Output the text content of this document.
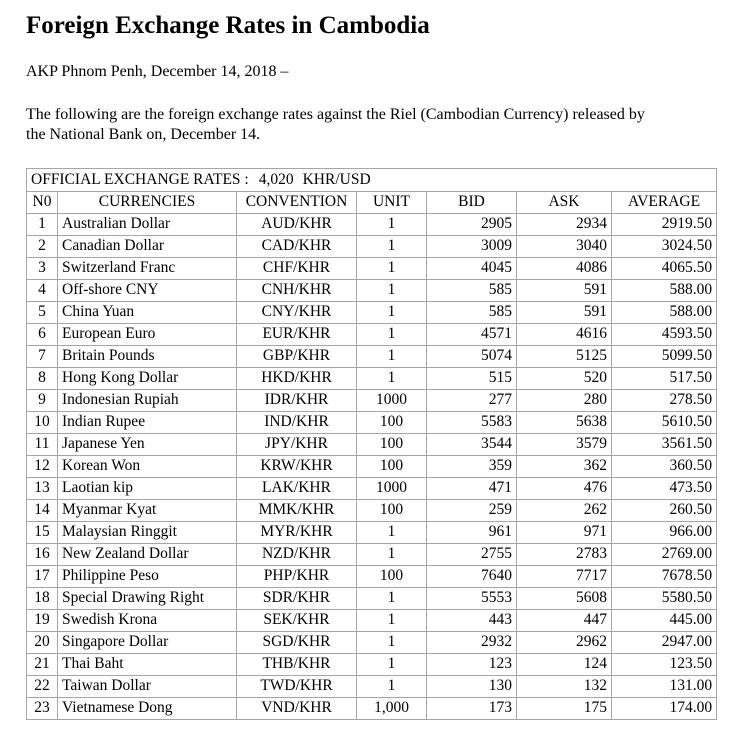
Foreign Exchange Rates in Cambodia
AKP Phnom Penh, December 14, 2018 –
The following are the foreign exchange rates against the Riel (Cambodian Currency) released by
the National Bank on, December 14.
OFFICIAL EXCHANGE RATES : 4,020 KHR/USD						
N0	CURRENCIES	CONVENTION	UNIT	BID	ASK	AVERAGE
1	Australian Dollar	AUD/KHR	1	2905	2934	2919.50
2	Canadian Dollar	CAD/KHR	1	3009	3040	3024.50
3	Switzerland Franc	CHF/KHR	1	4045	4086	4065.50
4	Off-shore CNY	CNH/KHR	1	585	591	588.00
5	China Yuan	CNY/KHR	1	585	591	588.00
6	European Euro	EUR/KHR	1	4571	4616	4593.50
7	Britain Pounds	GBP/KHR	1	5074	5125	5099.50
8	Hong Kong Dollar	HKD/KHR	1	515	520	517.50
9	Indonesian Rupiah	IDR/KHR	1000	277	280	278.50
10	Indian Rupee	IND/KHR	100	5583	5638	5610.50
11	Japanese Yen	JPY/KHR	100	3544	3579	3561.50
12	Korean Won	KRW/KHR	100	359	362	360.50
13	Laotian kip	LAK/KHR	1000	471	476	473.50
14	Myanmar Kyat	MMK/KHR	100	259	262	260.50
15	Malaysian Ringgit	MYR/KHR	1	961	971	966.00
16	New Zealand Dollar	NZD/KHR	1	2755	2783	2769.00
17	Philippine Peso	PHP/KHR	100	7640	7717	7678.50
18	Special Drawing Right	SDR/KHR	1	5553	5608	5580.50
19	Swedish Krona	SEK/KHR	1	443	447	445.00
20	Singapore Dollar	SGD/KHR	1	2932	2962	2947.00
21	Thai Baht	THB/KHR	1	123	124	123.50
22	Taiwan Dollar	TWD/KHR	1	130	132	131.00
23	Vietnamese Dong	VND/KHR	1,000	173	175	174.00
